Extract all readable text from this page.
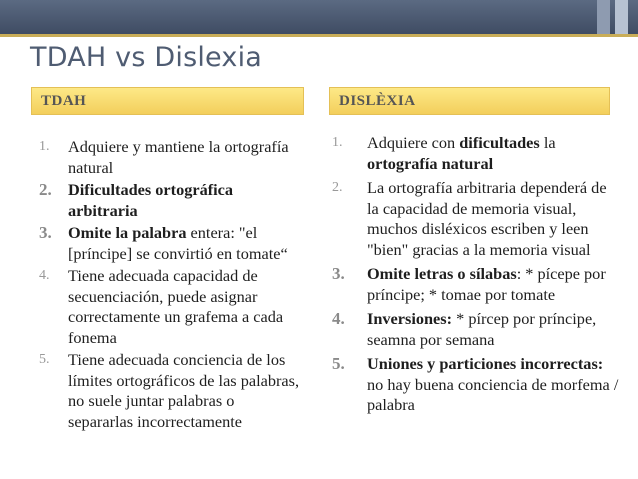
TDAH vs Dislexia
TDAH	DISLÈXIA
1. Adquiere y mantiene la ortografía natural
2. Dificultades ortográfica arbitraria
3. Omite la palabra entera: "el [príncipe] se convirtió en tomate“
4. Tiene adecuada capacidad de secuenciación, puede asignar correctamente un grafema a cada fonema
5. Tiene adecuada conciencia de los límites ortográficos de las palabras, no suele juntar palabras o separarlas incorrectamente
1. Adquiere con dificultades la ortografía natural
2. La ortografía arbitraria dependerá de la capacidad de memoria visual, muchos disléxicos escriben y leen "bien" gracias a la memoria visual
3. Omite letras o sílabas: * pícepe por príncipe; * tomae por tomate
4. Inversiones: * pírcep por príncipe, seamna por semana
5. Uniones y particiones incorrectas: no hay buena conciencia de morfema / palabra
